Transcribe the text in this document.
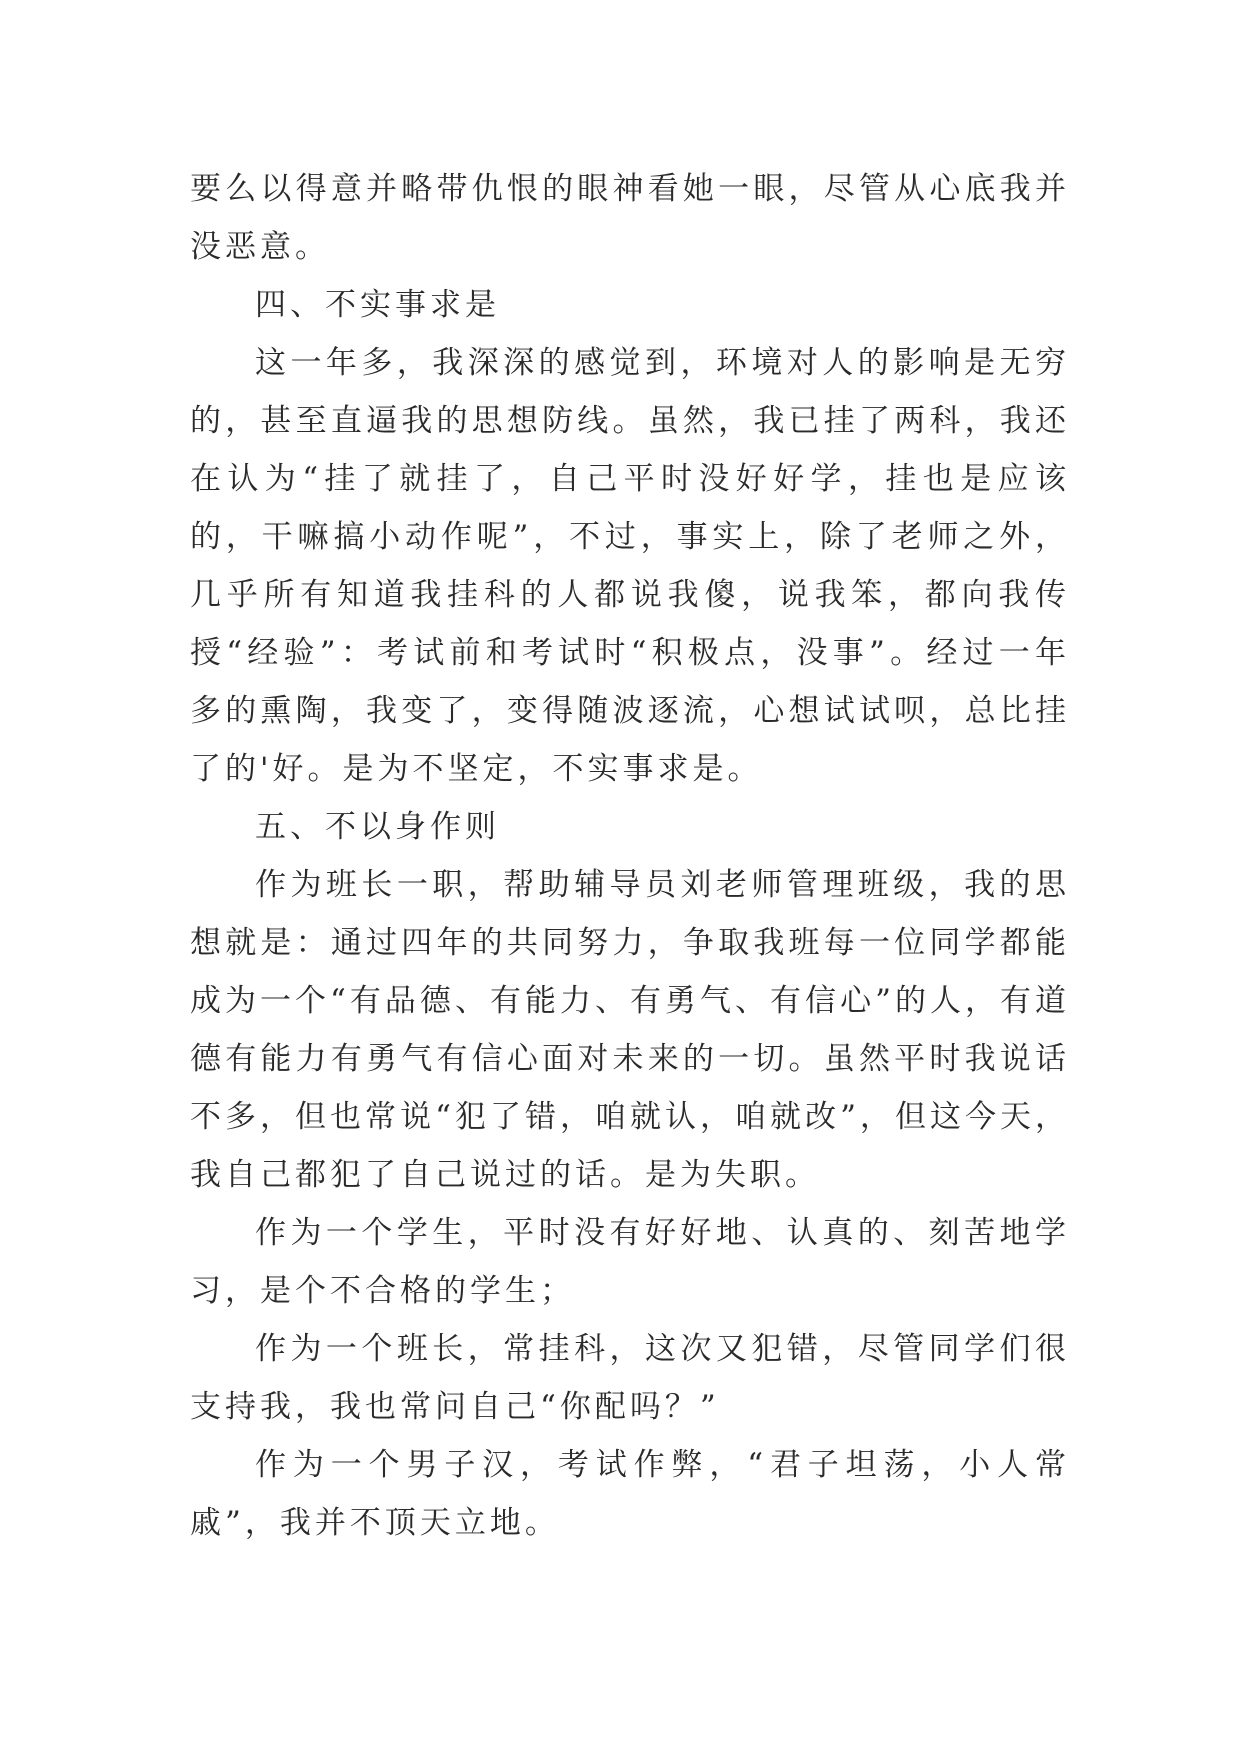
要么以得意并略带仇恨的眼神看她一眼，尽管从心底我并没恶意。

四、不实事求是

这一年多，我深深的感觉到，环境对人的影响是无穷的，甚至直逼我的思想防线。虽然，我已挂了两科，我还在认为“挂了就挂了，自己平时没好好学，挂也是应该的，干嘛搞小动作呢”，不过，事实上，除了老师之外，几乎所有知道我挂科的人都说我傻，说我笨，都向我传授“经验”：考试前和考试时“积极点，没事”。经过一年多的熏陶，我变了，变得随波逐流，心想试试呗，总比挂了的'好。是为不坚定，不实事求是。

五、不以身作则

作为班长一职，帮助辅导员刘老师管理班级，我的思想就是：通过四年的共同努力，争取我班每一位同学都能成为一个“有品德、有能力、有勇气、有信心”的人，有道德有能力有勇气有信心面对未来的一切。虽然平时我说话不多，但也常说“犯了错，咱就认，咱就改”，但这今天，我自己都犯了自己说过的话。是为失职。

作为一个学生，平时没有好好地、认真的、刻苦地学习，是个不合格的学生；

作为一个班长，常挂科，这次又犯错，尽管同学们很支持我，我也常问自己“你配吗？”

作为一个男子汉，考试作弊，“君子坦荡，小人常戚”，我并不顶天立地。
